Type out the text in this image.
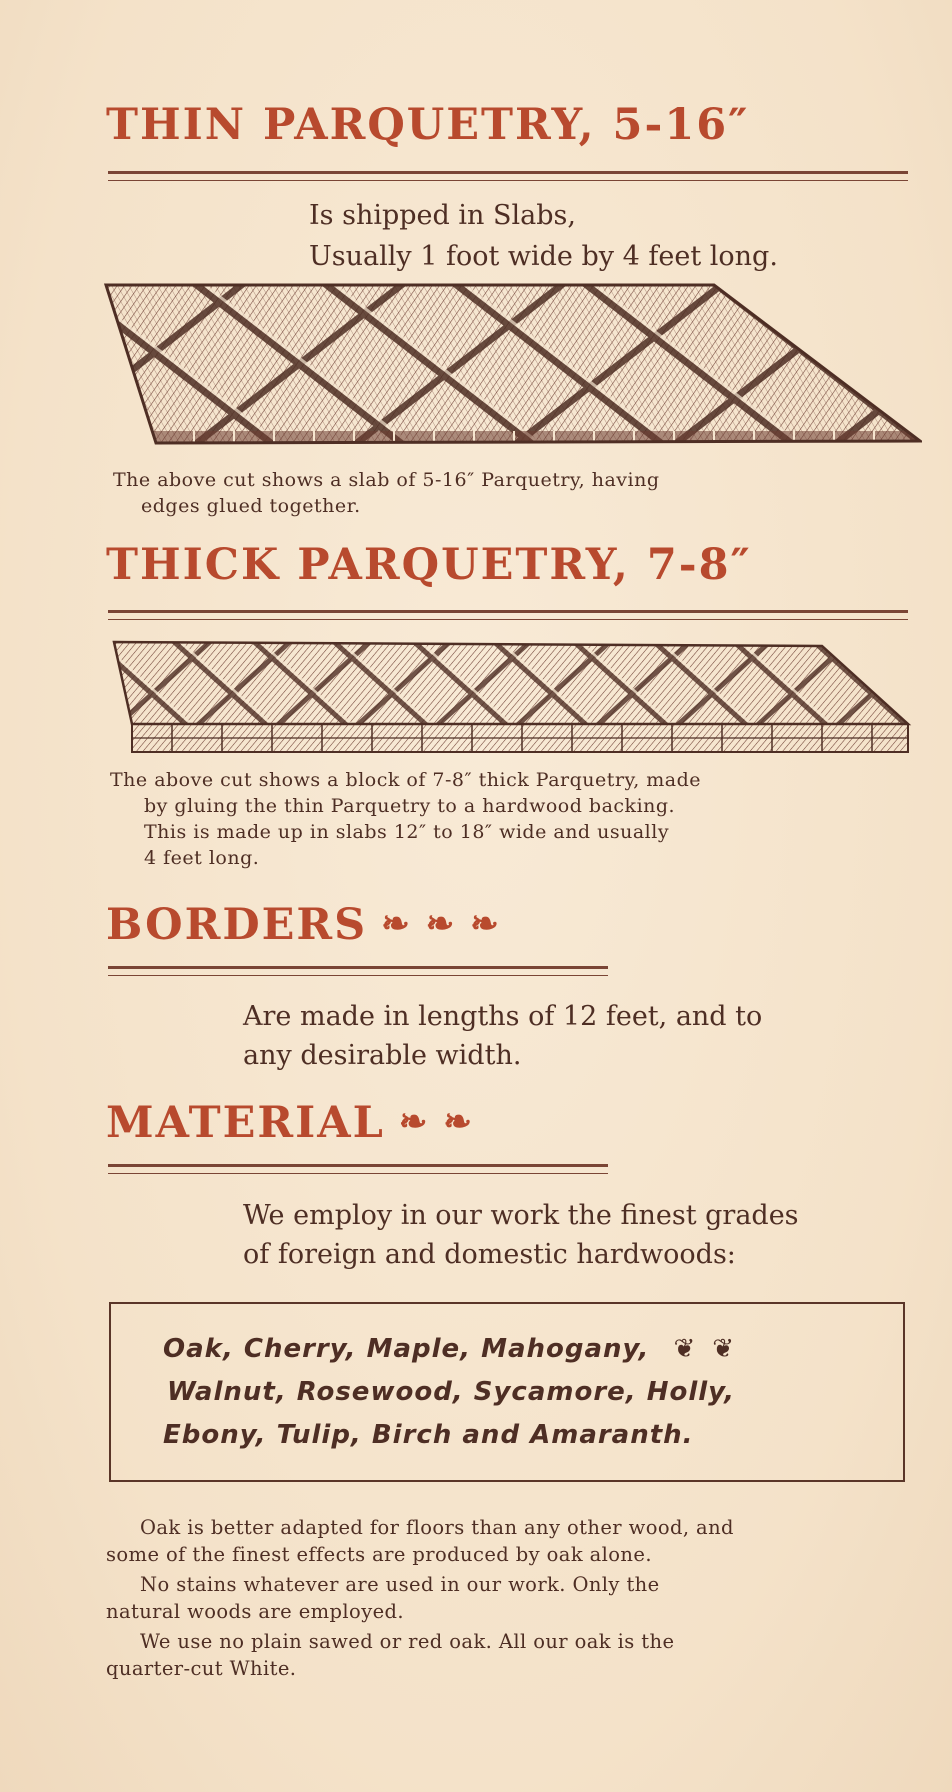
THIN PARQUETRY, 5-16″
Is shipped in Slabs,
Usually 1 foot wide by 4 feet long.
The above cut shows a slab of 5-16″ Parquetry, having
edges glued together.
THICK PARQUETRY, 7-8″
The above cut shows a block of 7-8″ thick Parquetry, made
by gluing the thin Parquetry to a hardwood backing.
This is made up in slabs 12″ to 18″ wide and usually
4 feet long.
BORDERS ❧ ❧ ❧
Are made in lengths of 12 feet, and to
any desirable width.
MATERIAL ❧ ❧
We employ in our work the finest grades
of foreign and domestic hardwoods:
Oak, Cherry, Maple, Mahogany, ❦ ❦
Walnut, Rosewood, Sycamore, Holly,
Ebony, Tulip, Birch and Amaranth.
Oak is better adapted for floors than any other wood, and
some of the finest effects are produced by oak alone.
No stains whatever are used in our work. Only the
natural woods are employed.
We use no plain sawed or red oak. All our oak is the
quarter-cut White.
